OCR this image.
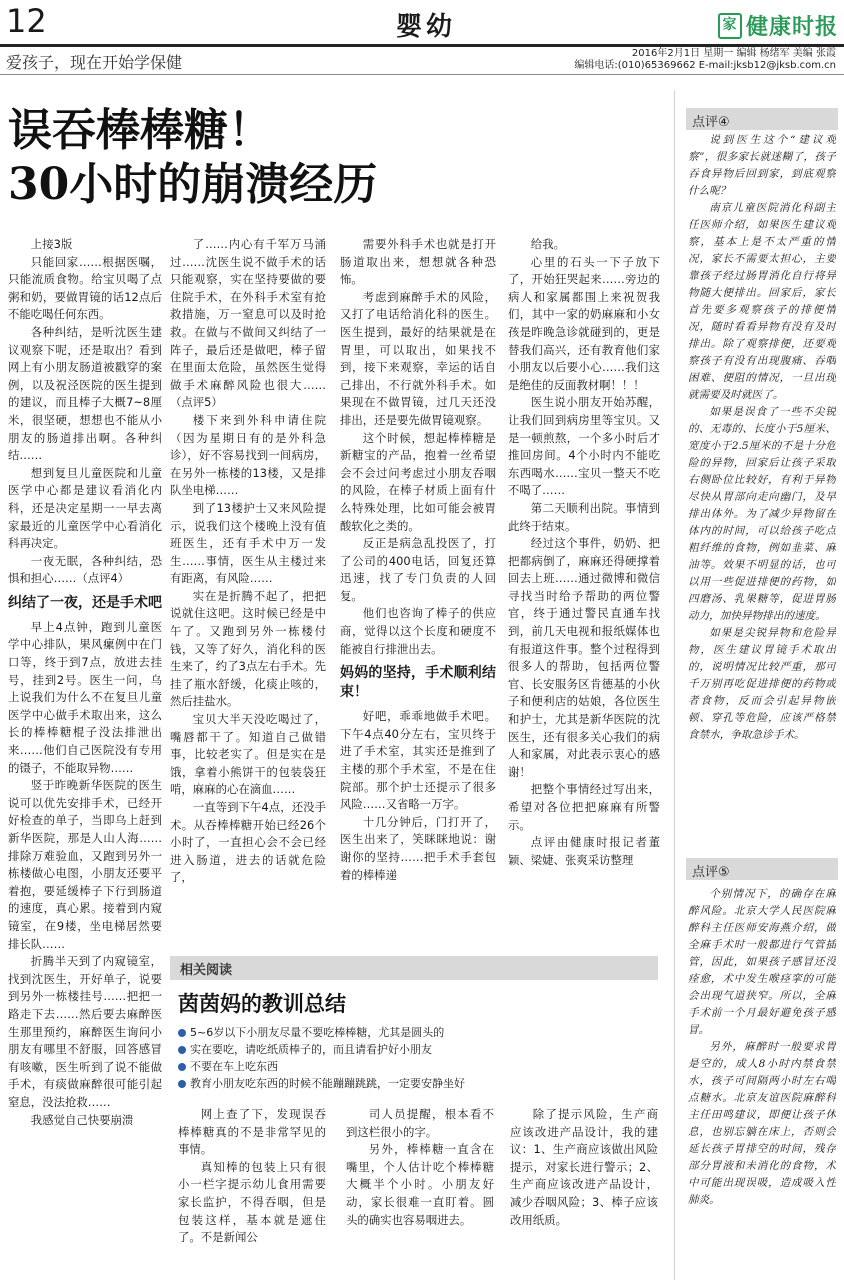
12	婴幼	家 健康时报
爱孩子，现在开始学保健	2016年2月1日 星期一 编辑 杨绪军 美编 张霞
编辑电话:(010)65369662 E-mail:jksb12@jksb.com.cn
误吞棒棒糖！
30小时的崩溃经历

上接3版

只能回家……根据医嘱，只能流质食物。给宝贝喝了点粥和奶，要做胃镜的话12点后不能吃喝任何东西。

各种纠结，是听沈医生建议观察下呢，还是取出？看到网上有小朋友肠道被戳穿的案例，以及祝泾医院的医生提到的建议，而且棒子大概7~8厘米，很坚硬，想想也不能从小朋友的肠道排出啊。各种纠结……

想到复旦儿童医院和儿童医学中心都是建议看消化内科，还是决定星期一一早去离家最近的儿童医学中心看消化科再决定。

一夜无眠，各种纠结，恐惧和担心……（点评4）

纠结了一夜，还是手术吧

早上4点钟，跑到儿童医学中心排队，果风瘰例中在门口等，终于到7点，放进去挂号，挂到2号。医生一问，乌上说我们为什么不在复旦儿童医学中心做手术取出来，这么长的棒棒糖棍子没法排泄出来……他们自己医院没有专用的镊子，不能取异物……

竖于昨晚新华医院的医生说可以优先安排手术，已经开好检查的单子，当即乌上赶到新华医院，那是人山人海……排除万难验血，又跑到另外一栋楼做心电图，小朋友还要平着抱，要延缓棒子下行到肠道的速度，真心累。接着到内窥镜室，在9楼，坐电梯居然要排长队……

折腾半天到了内窥镜室，找到沈医生，开好单子，说要到另外一栋楼挂号……把把一路走下去……然后要去麻醉医生那里预约，麻醉医生询问小朋友有哪里不舒服，回答感冒有咳嗽，医生听到了说不能做手术，有痰做麻醉很可能引起窒息，没法抢救……

我感觉自己快要崩溃

了……内心有千军万马涌过……沈医生说不做手术的话只能观察，实在坚持要做的要住院手术，在外科手术室有抢救措施，万一窒息可以及时抢救。在做与不做间又纠结了一阵子，最后还是做吧，棒子留在里面太危险，虽然医生觉得做手术麻醉风险也很大……（点评5）

楼下来到外科申请住院（因为星期日有的是外科急诊），好不容易找到一间病房，在另外一栋楼的13楼，又是排队坐电梯……

到了13楼护士又来风险提示，说我们这个楼晚上没有值班医生，还有手术中万一发生……事情，医生从主楼过来有距离，有风险……

实在是折腾不起了，把把说就住这吧。这时候已经是中午了。又跑到另外一栋楼付钱，又等了好久，消化科的医生来了，约了3点左右手术。先挂了瓶水舒缓，化痰止咳的，然后挂盐水。

宝贝大半天没吃喝过了，嘴唇都干了。知道自己做错事，比较老实了。但是实在是饿，拿着小熊饼干的包装袋狂啃，麻麻的心在滴血……

一直等到下午4点，还没手术。从吞棒棒糖开始已经26个小时了，一直担心会不会已经进入肠道，进去的话就危险了，

需要外科手术也就是打开肠道取出来，想想就各种恐怖。

考虑到麻醉手术的风险，又打了电话给消化科的医生。医生提到，最好的结果就是在胃里，可以取出，如果找不到，接下来观察，幸运的话自己排出，不行就外科手术。如果现在不做胃镜，过几天还没排出，还是要先做胃镜观察。

这个时候，想起棒棒糖是新糖宝的产品，抱着一丝希望会不会过问考虑过小朋友吞咽的风险，在棒子材质上面有什么特殊处理，比如可能会被胃酸软化之类的。

反正是病急乱投医了，打了公司的400电话，回复还算迅速，找了专门负责的人回复。

他们也咨询了棒子的供应商，觉得以这个长度和硬度不能被自行排泄出去。

妈妈的坚持，手术顺利结束！

好吧，乖乖地做手术吧。下午4点40分左右，宝贝终于进了手术室，其实还是推到了主楼的那个手术室，不是在住院部。那个护士还提示了很多风险……又省略一万字。

十几分钟后，门打开了，医生出来了，笑眯眯地说：谢谢你的坚持……把手术手套包着的棒棒递

给我。

心里的石头一下子放下了，开始狂哭起来……旁边的病人和家属都围上来祝贺我们，其中一家的奶麻麻和小女孩是昨晚急诊就碰到的，更是替我们高兴，还有教育他们家小朋友以后要小心……我们这是绝佳的反面教材啊！！！

医生说小朋友开始苏醒，让我们回到病房里等宝贝。又是一顿煎熬，一个多小时后才推回房间。4个小时内不能吃东西喝水……宝贝一整天不吃不喝了……

第二天顺利出院。事情到此终于结束。

经过这个事件，奶奶、把把都病倒了，麻麻还得硬撑着回去上班……通过微博和微信寻找当时给予帮助的两位警官，终于通过警民直通车找到，前几天电视和报纸媒体也有报道这件事。整个过程得到很多人的帮助，包括两位警官、长安服务区肯德基的小伙子和便利店的姑娘，各位医生和护士，尤其是新华医院的沈医生，还有很多关心我们的病人和家属，对此表示衷心的感谢！

把整个事情经过写出来，希望对各位把把麻麻有所警示。

点评由健康时报记者董颖、梁婕、张爽采访整理

相关阅读
茵茵妈的教训总结
5~6岁以下小朋友尽量不要吃棒棒糖，尤其是圆头的
实在要吃，请吃纸质棒子的，而且请看护好小朋友
不要在车上吃东西
教育小朋友吃东西的时候不能蹦蹦跳跳，一定要安静坐好

网上查了下，发现误吞棒棒糖真的不是非常罕见的事情。

真知棒的包装上只有很小一栏字提示幼儿食用需要家长监护，不得吞咽，但是包装这样，基本就是遮住了。不是新闻公

司人员提醒，根本看不到这栏很小的字。

另外，棒棒糖一直含在嘴里，个人估计吃个棒棒糖大概半个小时。小朋友好动，家长很难一直盯着。圆头的确实也容易咽进去。

除了提示风险，生产商应该改进产品设计，我的建议：1、生产商应该做出风险提示，对家长进行警示；2、生产商应该改进产品设计，减少吞咽风险；3、棒子应该改用纸质。

点评④

说到医生这个“建议观察”，很多家长就迷糊了，孩子吞食异物后回到家，到底观察什么呢？

南京儿童医院消化科副主任医师介绍，如果医生建议观察，基本上是不太严重的情况，家长不需要太担心，主要靠孩子经过肠胃消化自行将异物随大便排出。回家后，家长首先要多观察孩子的排便情况，随时看看异物有没有及时排出。除了观察排便，还要观察孩子有没有出现腹痛、吞咽困难、便阻的情况，一旦出现就需要及时就医了。

如果是误食了一些不尖锐的、无毒的、长度小于5厘米、宽度小于2.5厘米的不是十分危险的异物，回家后让孩子采取右侧卧位比较好，有利于异物尽快从胃部向走向幽门，及早排出体外。为了减少异物留在体内的时间，可以给孩子吃点粗纤维的食物，例如韭菜、麻油等。效果不明显的话，也可以用一些促进排便的药物，如四磨汤、乳果糖等，促进胃肠动力，加快异物排出的速度。

如果是尖锐异物和危险异物，医生建议胃镜手术取出的，说明情况比较严重，那可千万别再吃促进排便的药物或者食物，反而会引起异物嵌顿、穿孔等危险，应该严格禁食禁水，争取急诊手术。

点评⑤

个别情况下，的确存在麻醉风险。北京大学人民医院麻醉科主任医师安海燕介绍，做全麻手术时一般都进行气管插管，因此，如果孩子感冒还没痊愈，术中发生喉痉挛的可能会出现气道狭窄。所以，全麻手术前一个月最好避免孩子感冒。

另外，麻醉时一般要求胃是空的，成人8小时内禁食禁水，孩子可间隔两小时左右喝点糖水。北京友谊医院麻醉科主任田鸣建议，即便让孩子休息，也别忘躺在床上，否则会延长孩子胃排空的时间，残存部分胃液和未消化的食物，术中可能出现误吸，造成吸入性肺炎。
